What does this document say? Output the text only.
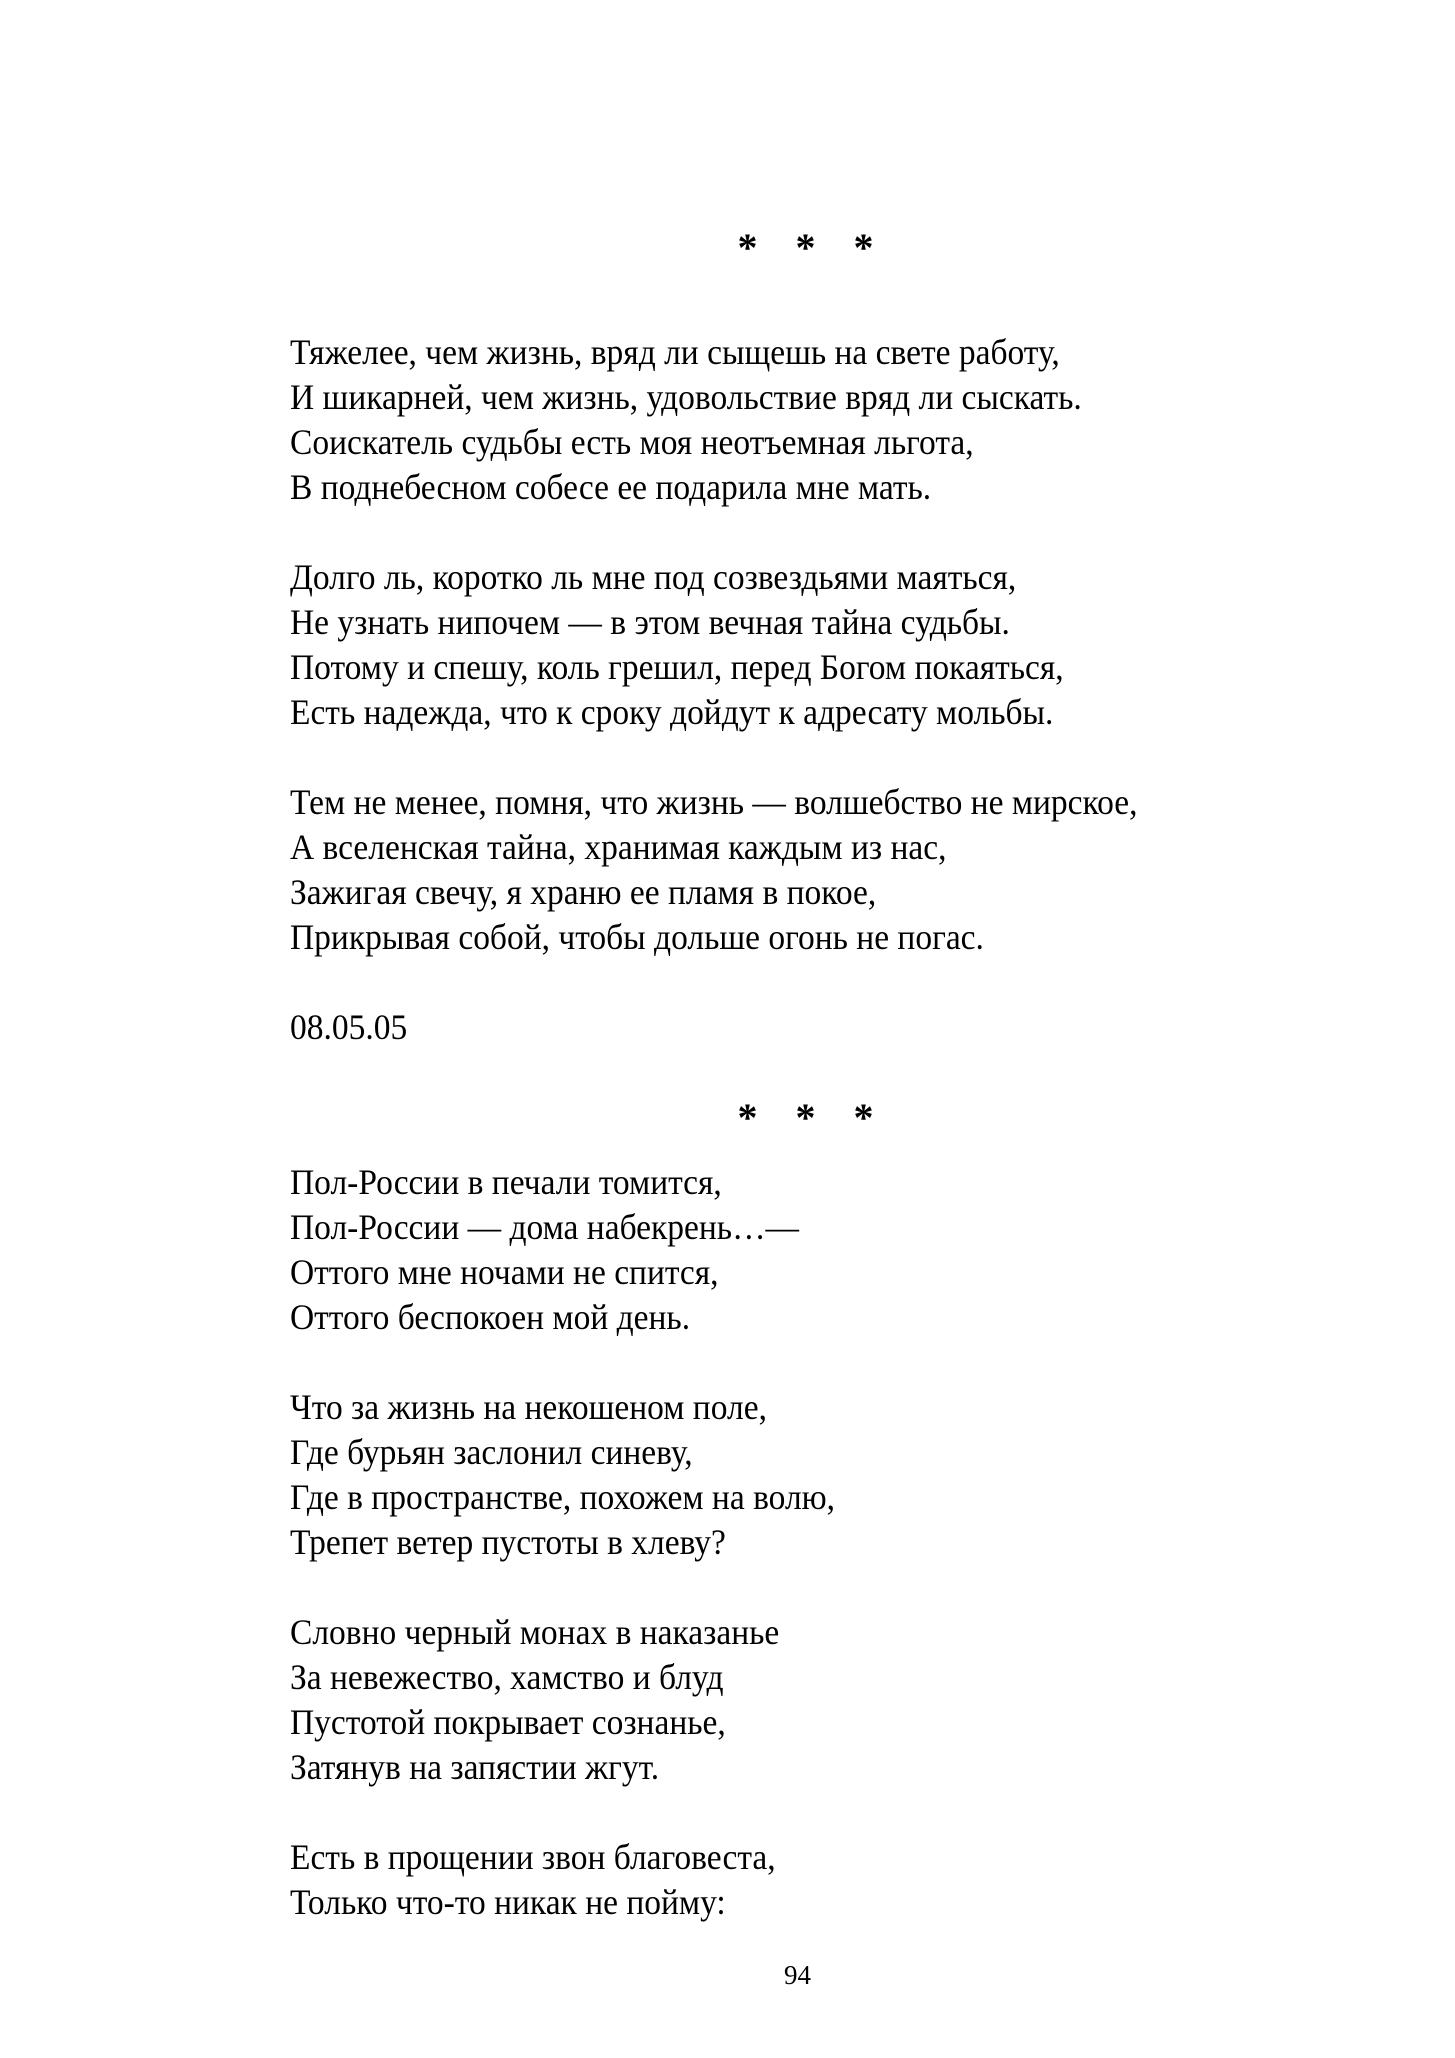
* * *
Тяжелее, чем жизнь, вряд ли сыщешь на свете работу,
И шикарней, чем жизнь, удовольствие вряд ли сыскать.
Соискатель судьбы есть моя неотъемная льгота,
В поднебесном собесе ее подарила мне мать.
Долго ль, коротко ль мне под созвездьями маяться,
Не узнать нипочем — в этом вечная тайна судьбы.
Потому и спешу, коль грешил, перед Богом покаяться,
Есть надежда, что к сроку дойдут к адресату мольбы.
Тем не менее, помня, что жизнь — волшебство не мирское,
А вселенская тайна, хранимая каждым из нас,
Зажигая свечу, я храню ее пламя в покое,
Прикрывая собой, чтобы дольше огонь не погас.
08.05.05
* * *
Пол-России в печали томится,
Пол-России — дома набекрень…—
Оттого мне ночами не спится,
Оттого беспокоен мой день.
Что за жизнь на некошеном поле,
Где бурьян заслонил синеву,
Где в пространстве, похожем на волю,
Трепет ветер пустоты в хлеву?
Словно черный монах в наказанье
За невежество, хамство и блуд
Пустотой покрывает сознанье,
Затянув на запястии жгут.
Есть в прощении звон благовеста,
Только что-то никак не пойму:
94
